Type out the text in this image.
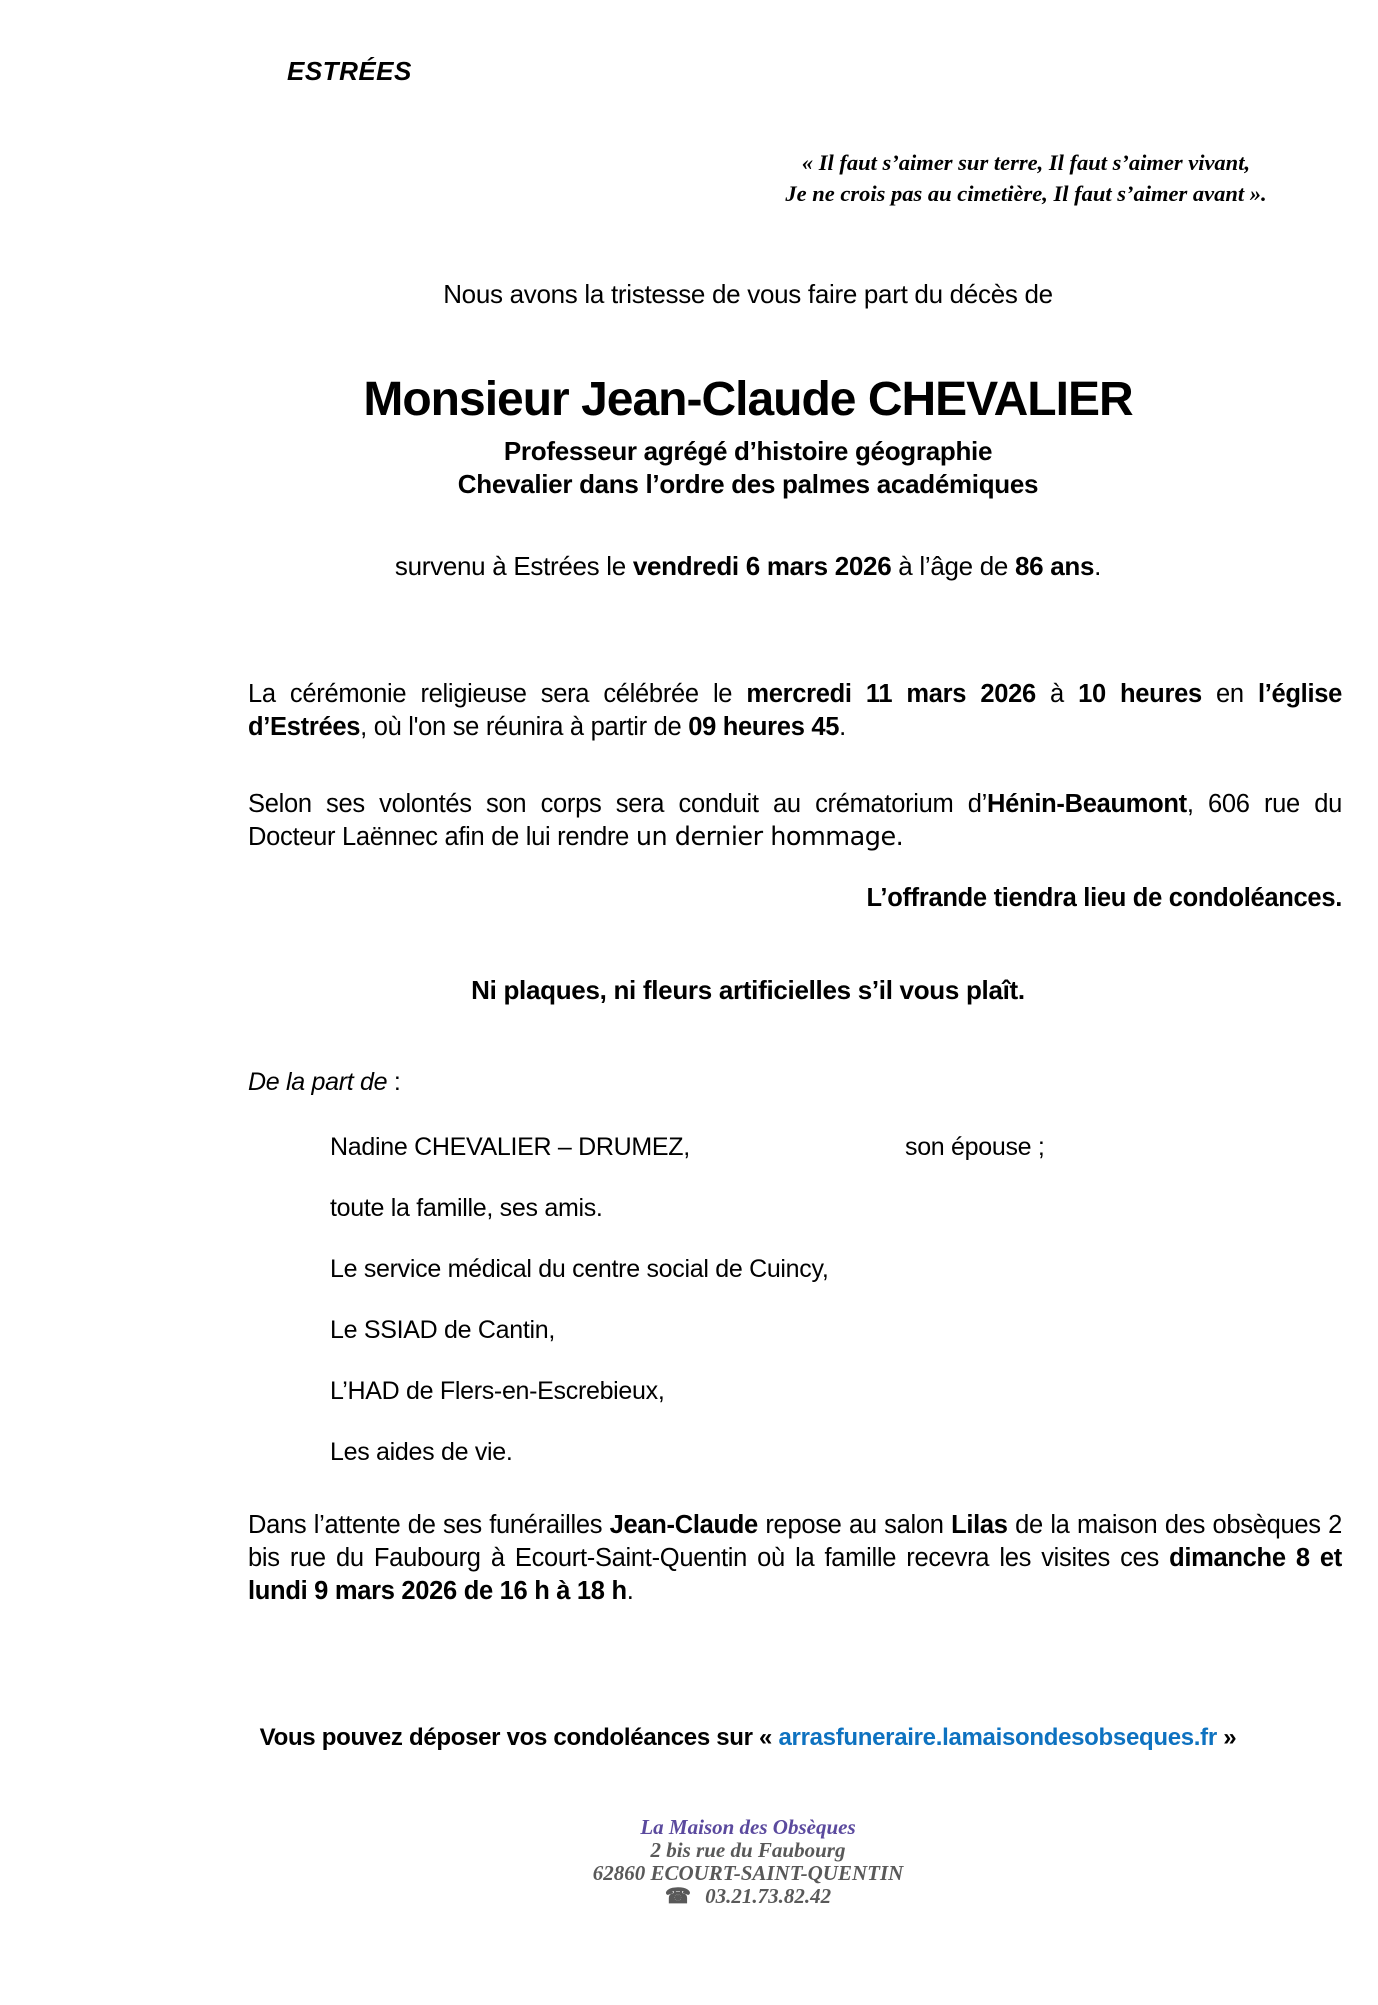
ESTRÉES
« Il faut s’aimer sur terre, Il faut s’aimer vivant,
Je ne crois pas au cimetière, Il faut s’aimer avant ».
Nous avons la tristesse de vous faire part du décès de
Monsieur Jean-Claude CHEVALIER
Professeur agrégé d’histoire géographie
Chevalier dans l’ordre des palmes académiques
survenu à Estrées le vendredi 6 mars 2026 à l’âge de 86 ans.
La cérémonie religieuse sera célébrée le mercredi 11 mars 2026 à 10 heures en l’église d’Estrées, où l'on se réunira à partir de 09 heures 45.
Selon ses volontés son corps sera conduit au crématorium d’Hénin-Beaumont, 606 rue du Docteur Laënnec afin de lui rendre un dernier hommage.
L’offrande tiendra lieu de condoléances.
Ni plaques, ni fleurs artificielles s’il vous plaît.
De la part de :
Nadine CHEVALIER – DRUMEZ,	son épouse ;
toute la famille, ses amis.
Le service médical du centre social de Cuincy,
Le SSIAD de Cantin,
L’HAD de Flers-en-Escrebieux,
Les aides de vie.
Dans l’attente de ses funérailles Jean-Claude repose au salon Lilas de la maison des obsèques 2 bis rue du Faubourg à Ecourt-Saint-Quentin où la famille recevra les visites ces dimanche 8 et lundi 9 mars 2026 de 16 h à 18 h.
Vous pouvez déposer vos condoléances sur « arrasfuneraire.lamaisondesobseques.fr »
La Maison des Obsèques
2 bis rue du Faubourg
62860 ECOURT-SAINT-QUENTIN
☎ 03.21.73.82.42
